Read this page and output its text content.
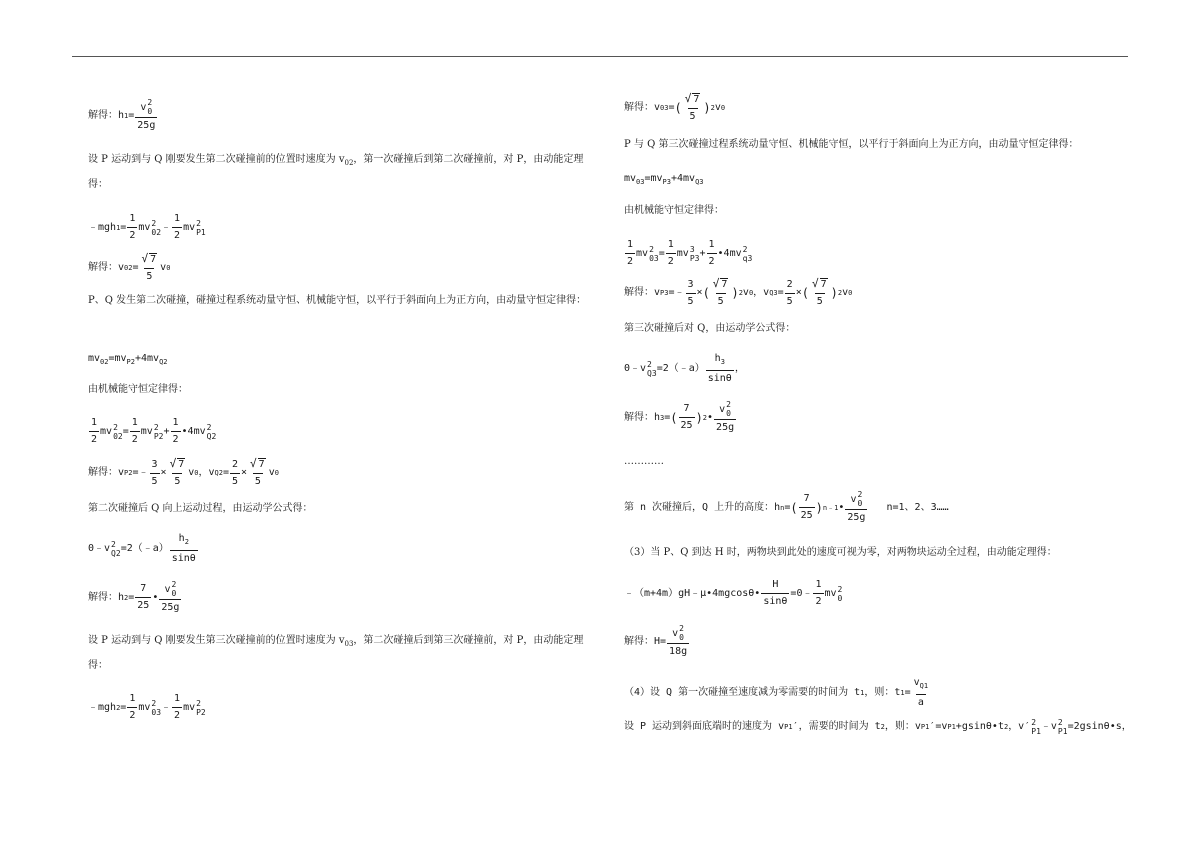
解得：h 1 = v 2
0
25g
设 P 运动到与 Q 刚要发生第二次碰撞前的位置时速度为 $v_{02}$，第一次碰撞后到第二次碰撞前，对 P，由动能定理得：
﹣mgh $1 = \frac{1}{2}$ mv 2
02 ﹣ $\frac{1}{2}$ mv 2
P1
解得：v $02 = \frac{√ 7}{5}$ v 0
P、Q 发生第二次碰撞，碰撞过程系统动量守恒、机械能守恒，以平行于斜面向上为正方向，由动量守恒定律得：
$mv_{02}=mv_{P2}+4mv_{Q2}$
由机械能守恒定律得：
$\frac{1}{2}$ mv 2
$02 = \frac{1}{2}$ mv 2
$P2 + \frac{1}{2}$ •4mv 2
Q2
解得：v P2 =﹣ $\frac{3}{5} \times \frac{√ 7}{5}$ v 0 ，v $Q2 = \frac{2}{5} \times \frac{√ 7}{5}$ v 0
第二次碰撞后 Q 向上运动过程，由运动学公式得：
0﹣v 2
Q2 =2（﹣a） $\frac{h_2}{\sin\theta}$
解得：h $2 = \frac{7}{25}$ • v 2
0
25g
设 P 运动到与 Q 刚要发生第三次碰撞前的位置时速度为 $v_{03}$，第二次碰撞后到第三次碰撞前，对 P，由动能定理得：
﹣mgh $2 = \frac{1}{2}$ mv 2
03 ﹣ $\frac{1}{2}$ mv 2
P2
解得：v 03 = ( $\frac{√ 7}{5}$ ) 2 v 0
P 与 Q 第三次碰撞过程系统动量守恒、机械能守恒，以平行于斜面向上为正方向，由动量守恒定律得：
$mv_{03}=mv_{P3}+4mv_{Q3}$
由机械能守恒定律得：
$\frac{1}{2}$ mv 2
$03 = \frac{1}{2}$ mv 3
$P3 + \frac{1}{2}$ •4mv 2
q3
解得：v P3 =﹣ $\frac{3}{5}$ × ( $\frac{√ 7}{5}$ ) 2 v 0 ，v $Q3 = \frac{2}{5}$ × ( $\frac{√ 7}{5}$ ) 2 v 0
第三次碰撞后对 Q，由运动学公式得：
0﹣v 2
Q3 =2（﹣a） $\frac{h_3}{\sin\theta}$ ，
解得：h 3 = ( $\frac{7}{25}$ ) 2 • v 2
0
25g
…………
第 n 次碰撞后，Q 上升的高度：h n = ( $\frac{7}{25}$ ) n﹣1 • v 2
0
25g
n=1、2、3……
（3）当 P、Q 到达 H 时，两物块到此处的速度可视为零，对两物块运动全过程，由动能定理得：
﹣（m+4m）gH﹣μ•4mgcosθ• $\frac{H}{\sin\theta}$ =0﹣ $\frac{1}{2}$ mv 2
0
解得：H= v 2
0
18g
（4）设 Q 第一次碰撞至速度减为零需要的时间为 t 1 ，则：t $1 = \frac{v_{Q1}}{a}$
设 P 运动到斜面底端时的速度为 v P1 ′，需要的时间为 t 2 ，则：v P1 ′=v P1 +gsinθ•t 2 ，v ′ 2
P1 ﹣v 2
P1 =2gsinθ•s，
